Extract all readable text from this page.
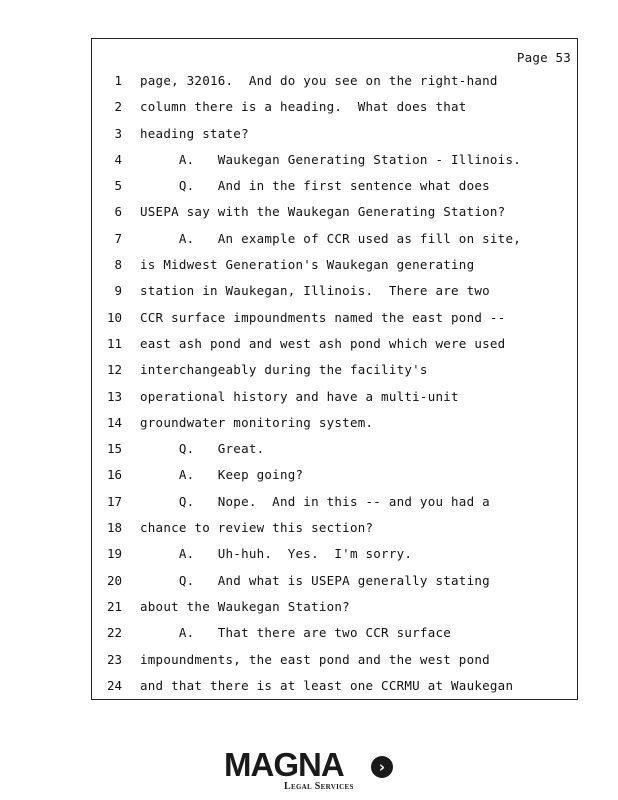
Page 53
1 page, 32016.  And do you see on the right-hand
2 column there is a heading.  What does that
3 heading state?
4 A.   Waukegan Generating Station - Illinois.
5 Q.   And in the first sentence what does
6 USEPA say with the Waukegan Generating Station?
7 A.   An example of CCR used as fill on site,
8 is Midwest Generation's Waukegan generating
9 station in Waukegan, Illinois.  There are two
10 CCR surface impoundments named the east pond --
11 east ash pond and west ash pond which were used
12 interchangeably during the facility's
13 operational history and have a multi-unit
14 groundwater monitoring system.
15 Q.   Great.
16 A.   Keep going?
17 Q.   Nope.  And in this -- and you had a
18 chance to review this section?
19 A.   Uh-huh.  Yes.  I'm sorry.
20 Q.   And what is USEPA generally stating
21 about the Waukegan Station?
22 A.   That there are two CCR surface
23 impoundments, the east pond and the west pond
24 and that there is at least one CCRMU at Waukegan
MAGNA	›
Legal Services
